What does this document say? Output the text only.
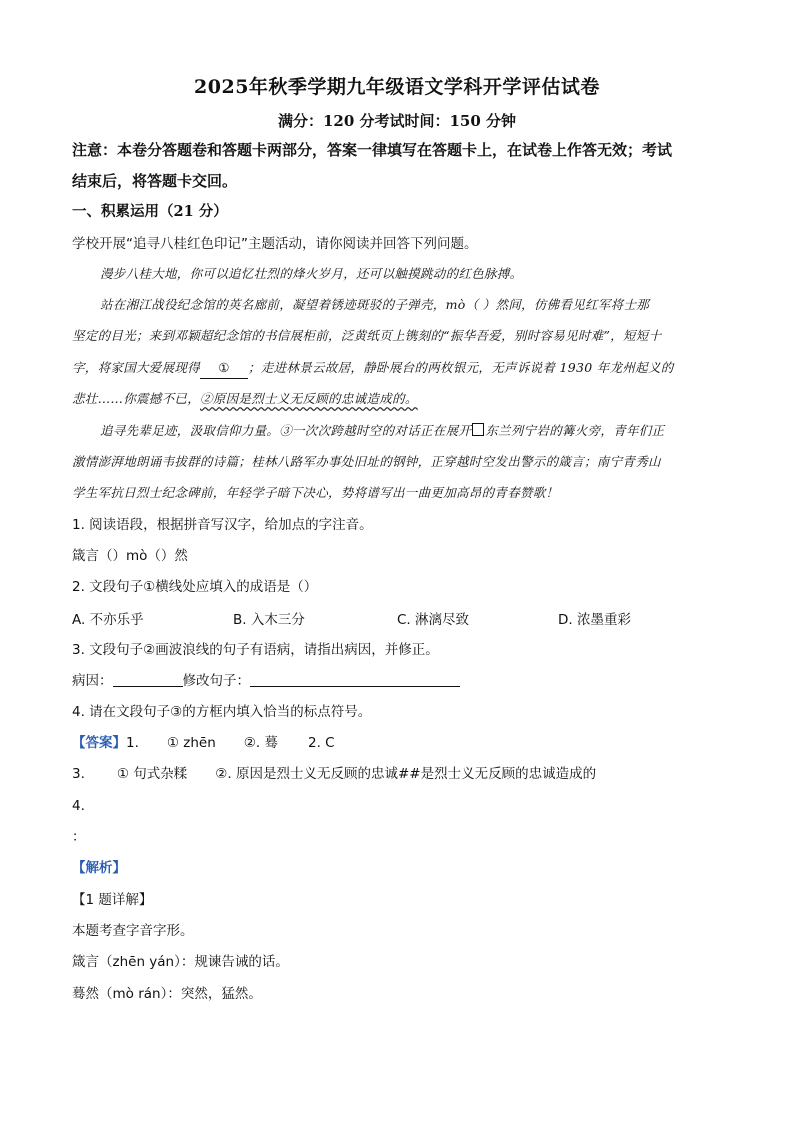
2025年秋季学期九年级语文学科开学评估试卷
满分：120 分考试时间：150 分钟
注意：本卷分答题卷和答题卡两部分，答案一律填写在答题卡上，在试卷上作答无效；考试
结束后，将答题卡交回。
一、积累运用（21 分）
学校开展“追寻八桂红色印记”主题活动，请你阅读并回答下列问题。
漫步八桂大地，你可以追忆壮烈的烽火岁月，还可以触摸跳动的红色脉搏。
站在湘江战役纪念馆的英名廊前，凝望着锈迹斑驳的子弹壳，mò（ ）然间，仿佛看见红军将士那
坚定的目光；来到邓颖超纪念馆的书信展柜前，泛黄纸页上镌刻的“振华吾爱，别时容易见时难”，短短十
字，将家国大爱展现得 ① ；走进林景云故居，静卧展台的两枚银元，无声诉说着 1930 年龙州起义的
悲壮……你震撼不已，②原因是烈士义无反顾的忠诚造成的。
追寻先辈足迹，汲取信仰力量。③一次次跨越时空的对话正在展开 东兰列宁岩的篝火旁，青年们正
激情澎湃地朗诵韦拔群的诗篇；桂林八路军办事处旧址的钢钟，正穿越时空发出警示的箴言；南宁青秀山
学生军抗日烈士纪念碑前，年轻学子暗下决心，势将谱写出一曲更加高昂的青春赞歌！
1. 阅读语段，根据拼音写汉字，给加点的字注音。
箴言（）mò（）然
2. 文段句子①横线处应填入的成语是（）
A. 不亦乐乎	B. 入木三分	C. 淋漓尽致	D. 浓墨重彩
3. 文段句子②画波浪线的句子有语病，请指出病因，并修正。
病因：	修改句子：
4. 请在文段句子③的方框内填入恰当的标点符号。
【答案】1. ① zhēn ②. 蓦 2. C
3. ① 句式杂糅 ②. 原因是烈士义无反顾的忠诚##是烈士义无反顾的忠诚造成的
4.
：
【解析】
【1 题详解】
本题考查字音字形。
箴言（zhēn yán）：规谏告诫的话。
蓦然（mò rán）：突然，猛然。
